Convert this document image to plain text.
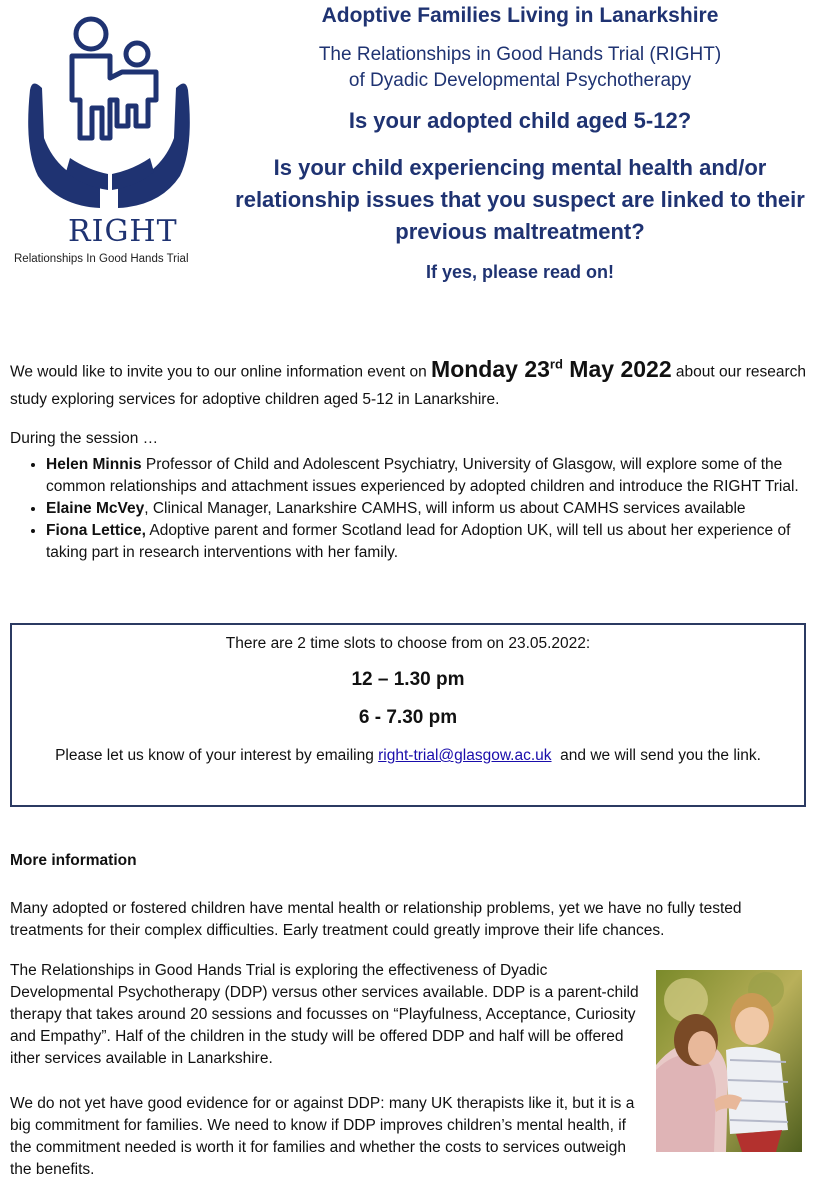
RIGHT
Relationships In Good Hands Trial
Adoptive Families Living in Lanarkshire
The Relationships in Good Hands Trial (RIGHT)
of Dyadic Developmental Psychotherapy
Is your adopted child aged 5-12?
Is your child experiencing mental health and/or relationship issues that you suspect are linked to their previous maltreatment?
If yes, please read on!
We would like to invite you to our online information event on Monday 23rd May 2022 about our research study exploring services for adoptive children aged 5-12 in Lanarkshire.
During the session …
• Helen Minnis Professor of Child and Adolescent Psychiatry, University of Glasgow, will explore some of the common relationships and attachment issues experienced by adopted children and introduce the RIGHT Trial.
• Elaine McVey, Clinical Manager, Lanarkshire CAMHS, will inform us about CAMHS services available
• Fiona Lettice, Adoptive parent and former Scotland lead for Adoption UK, will tell us about her experience of taking part in research interventions with her family.
There are 2 time slots to choose from on 23.05.2022:
12 – 1.30 pm
6 - 7.30 pm
Please let us know of your interest by emailing right-trial@glasgow.ac.uk  and we will send you the link.
More information
Many adopted or fostered children have mental health or relationship problems, yet we have no fully tested treatments for their complex difficulties. Early treatment could greatly improve their life chances.
The Relationships in Good Hands Trial is exploring the effectiveness of Dyadic Developmental Psychotherapy (DDP) versus other services available. DDP is a parent-child therapy that takes around 20 sessions and focusses on “Playfulness, Acceptance, Curiosity and Empathy”. Half of the children in the study will be offered DDP and half will be offered ither services available in Lanarkshire.
We do not yet have good evidence for or against DDP: many UK therapists like it, but it is a big commitment for families. We need to know if DDP improves children’s mental health, if the commitment needed is worth it for families and whether the costs to services outweigh the benefits.
